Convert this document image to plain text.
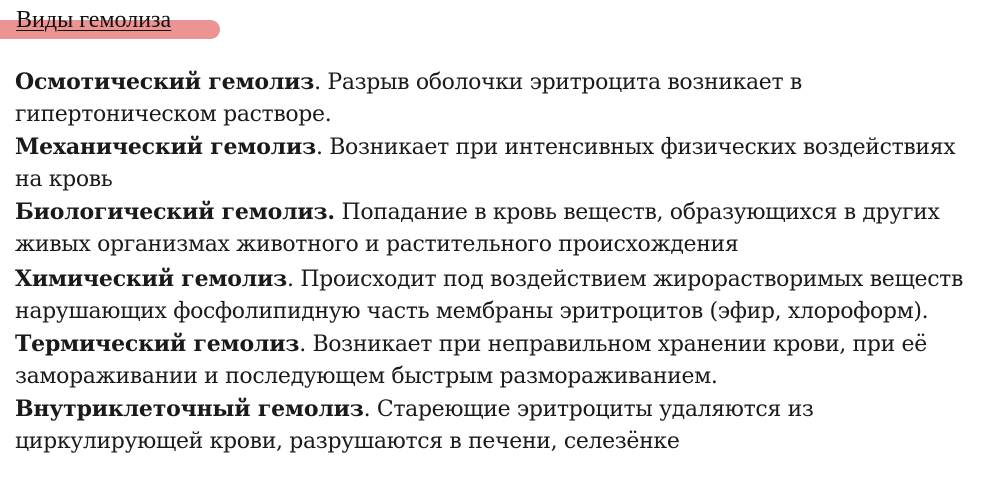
Виды гемолиза

Осмотический гемолиз. Разрыв оболочки эритроцита возникает в гипертоническом растворе.

Механический гемолиз. Возникает при интенсивных физических воздействиях на кровь

Биологический гемолиз. Попадание в кровь веществ, образующихся в других живых организмах животного и растительного происхождения

Химический гемолиз. Происходит под воздействием жирорастворимых веществ нарушающих фосфолипидную часть мембраны эритроцитов (эфир, хлороформ).

Термический гемолиз. Возникает при неправильном хранении крови, при её замораживании и последующем быстрым размораживанием.

Внутриклеточный гемолиз. Стареющие эритроциты удаляются из циркулирующей крови, разрушаются в печени, селезёнке
